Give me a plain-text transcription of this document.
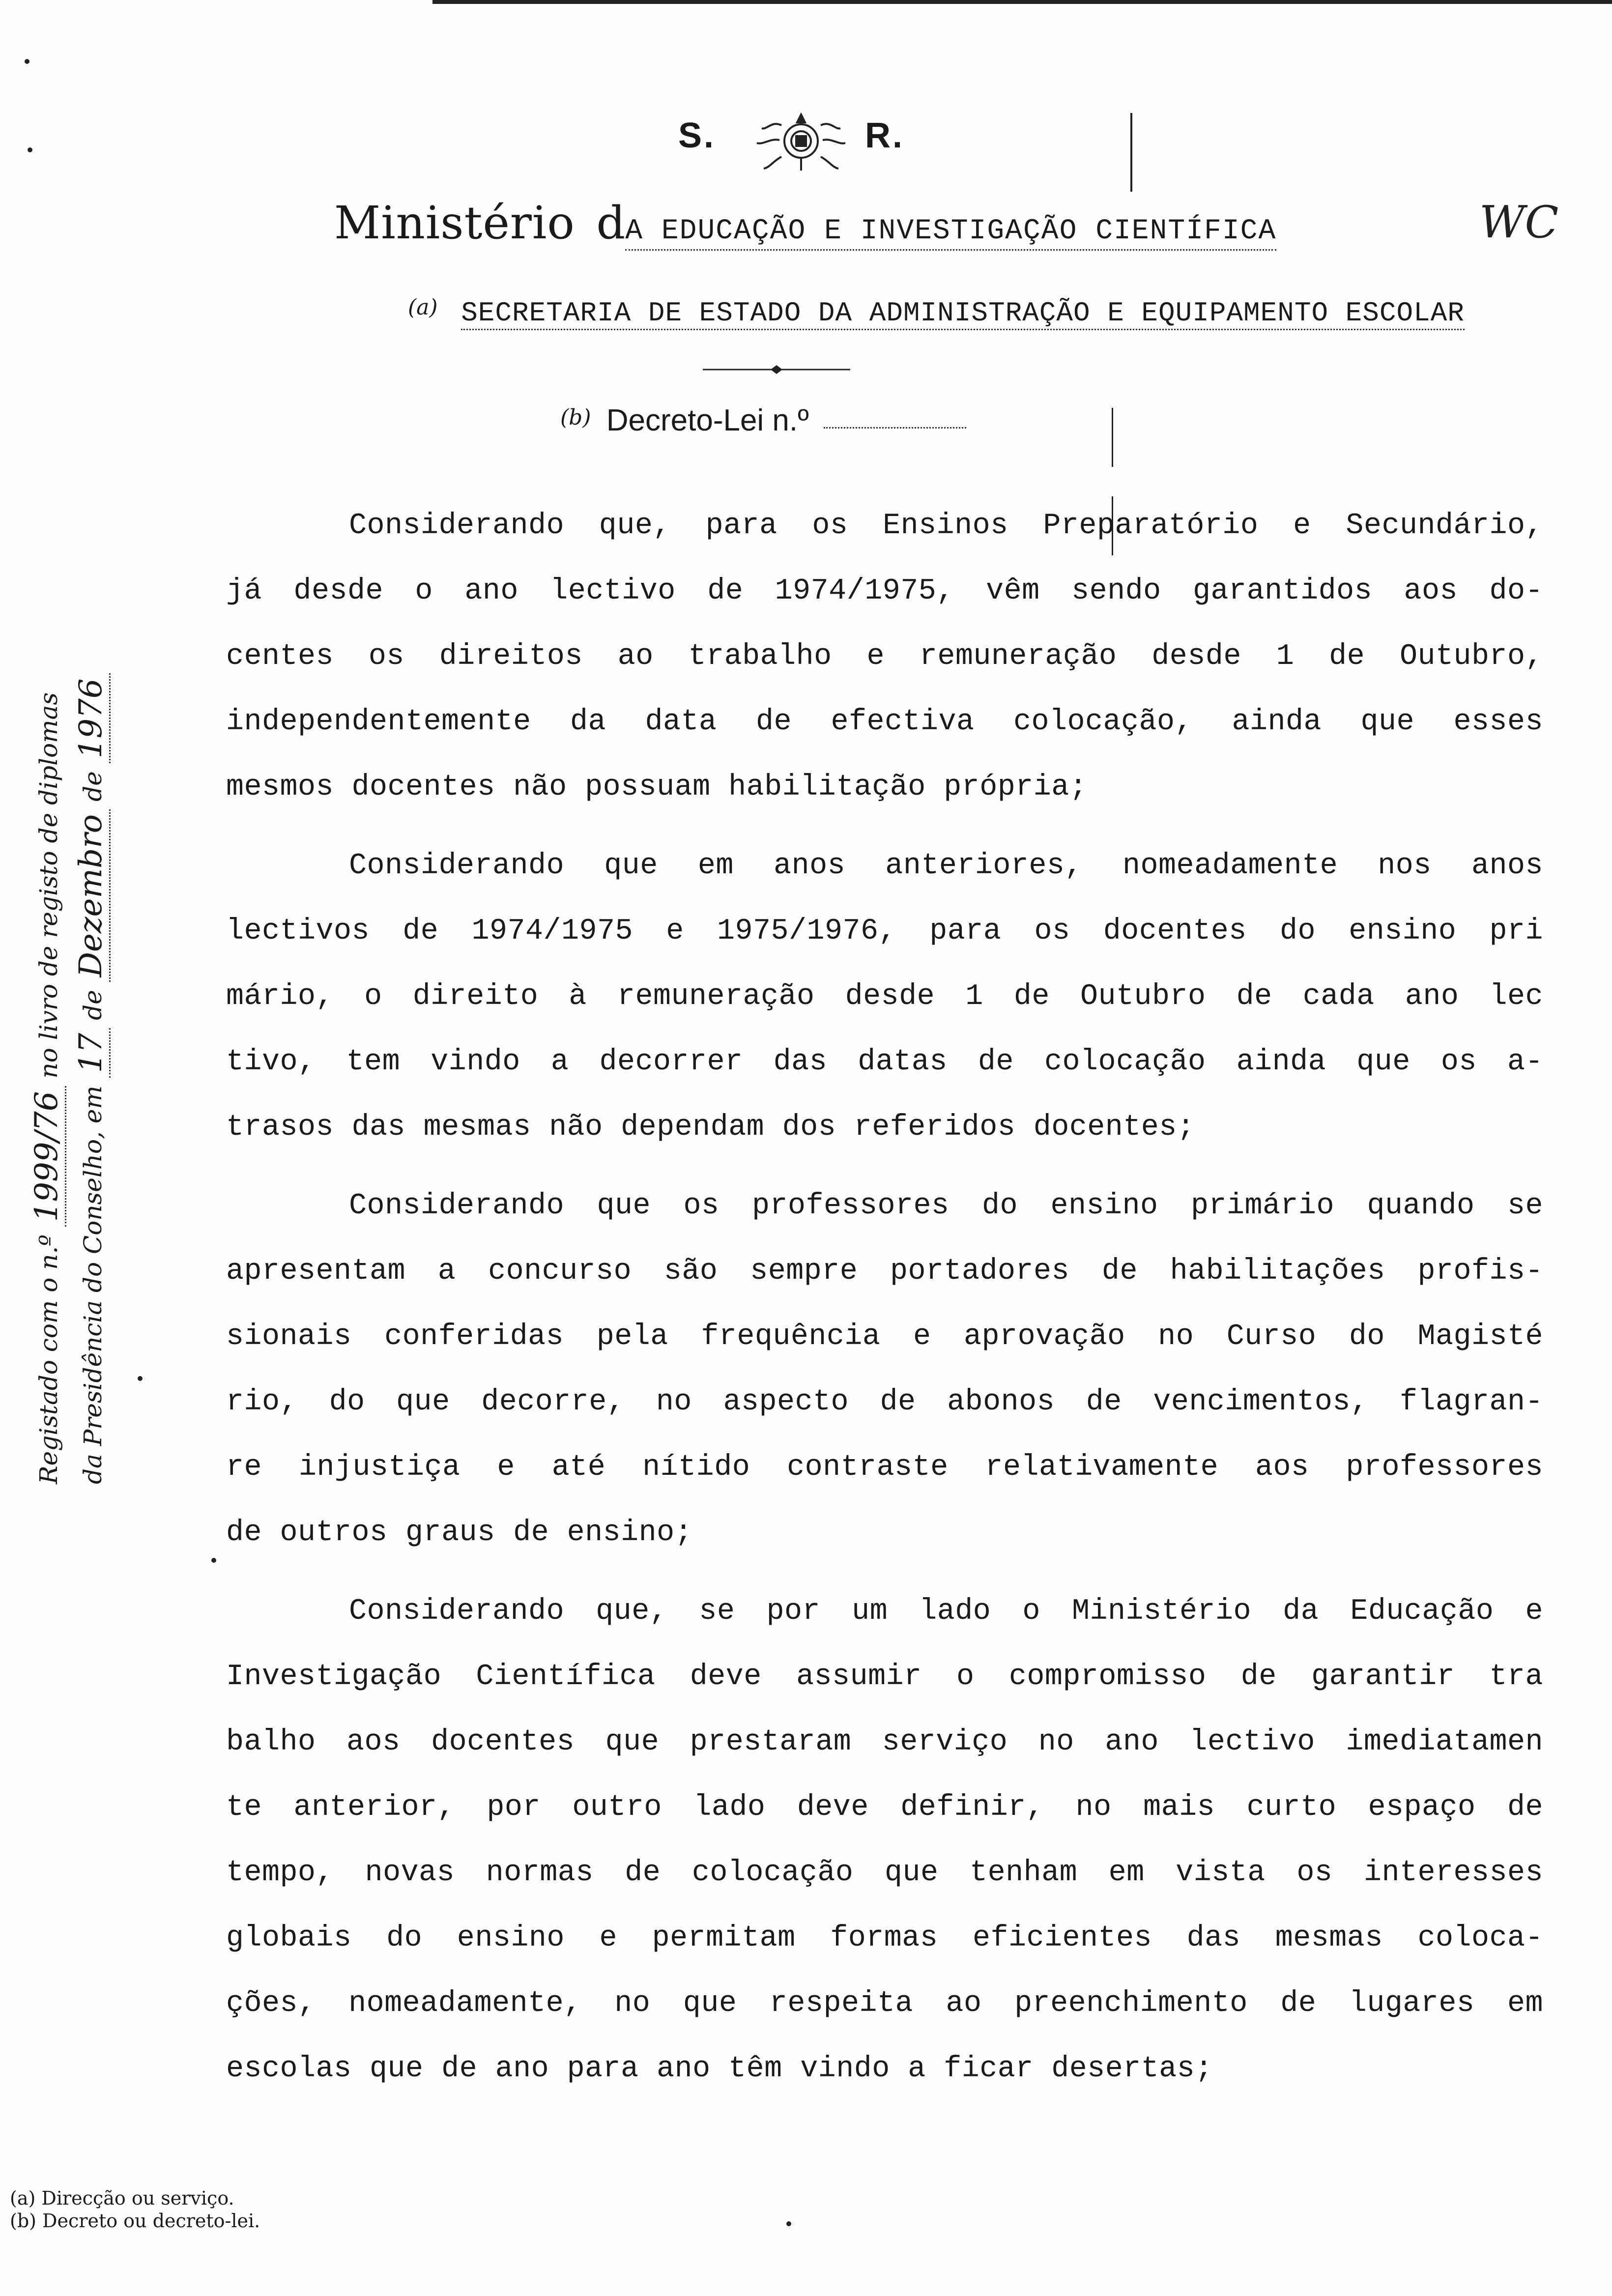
S.	R.
Ministério dA EDUCAÇÃO E INVESTIGAÇÃO CIENTÍFICA	WC
$^{(a)}$ SECRETARIA DE ESTADO DA ADMINISTRAÇÃO E EQUIPAMENTO ESCOLAR
(b) Decreto-Lei n.º
Considerando que, para os Ensinos Preparatório e Secundário,
já desde o ano lectivo de 1974/1975, vêm sendo garantidos aos do-
centes os direitos ao trabalho e remuneração desde 1 de Outubro,
independentemente da data de efectiva colocação, ainda que esses
mesmos docentes não possuam habilitação própria;
Considerando que em anos anteriores, nomeadamente nos anos
lectivos de 1974/1975 e 1975/1976, para os docentes do ensino pri
mário, o direito à remuneração desde 1 de Outubro de cada ano lec
tivo, tem vindo a decorrer das datas de colocação ainda que os a-
trasos das mesmas não dependam dos referidos docentes;
Considerando que os professores do ensino primário quando se
apresentam a concurso são sempre portadores de habilitações profis-
sionais conferidas pela frequência e aprovação no Curso do Magisté
rio, do que decorre, no aspecto de abonos de vencimentos, flagran-
re injustiça e até nítido contraste relativamente aos professores
de outros graus de ensino;
Considerando que, se por um lado o Ministério da Educação e
Investigação Científica deve assumir o compromisso de garantir tra
balho aos docentes que prestaram serviço no ano lectivo imediatamen
te anterior, por outro lado deve definir, no mais curto espaço de
tempo, novas normas de colocação que tenham em vista os interesses
globais do ensino e permitam formas eficientes das mesmas coloca-
ções, nomeadamente, no que respeita ao preenchimento de lugares em
escolas que de ano para ano têm vindo a ficar desertas;
Registado com o n.º 1999/76 no livro de registo de diplomas
da Presidência do Conselho, em 17 de Dezembro de 1976
(a) Direcção ou serviço.
(b) Decreto ou decreto-lei.
